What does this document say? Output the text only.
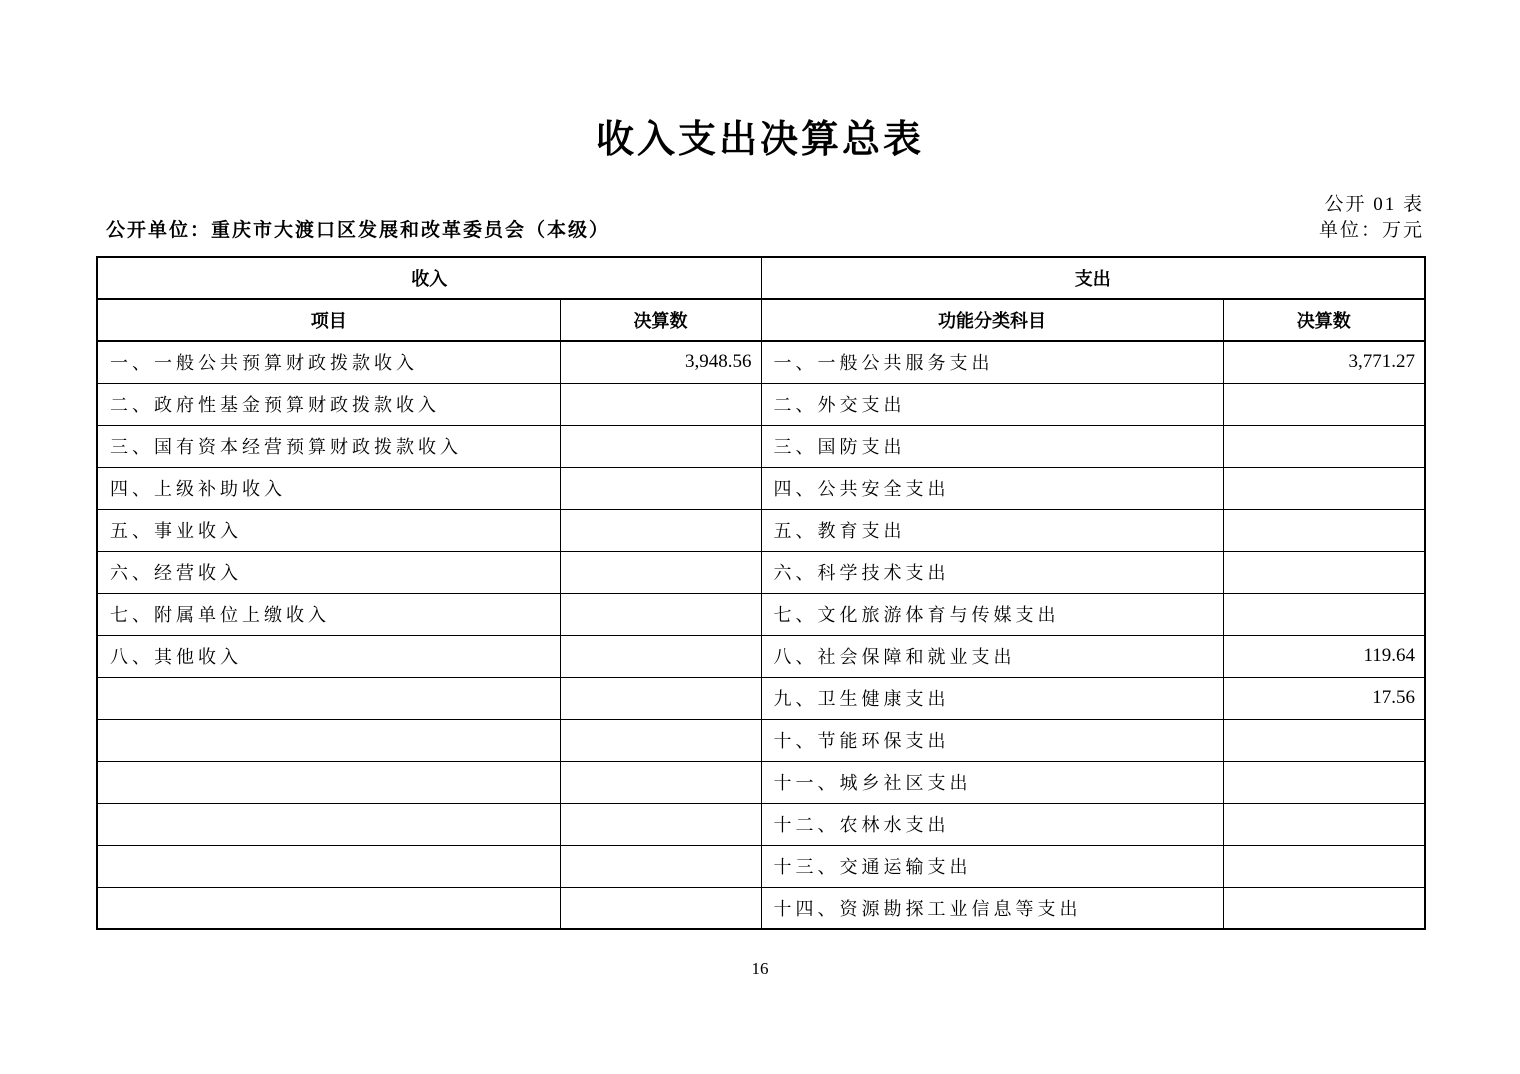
收入支出决算总表
公开 01 表
公开单位：重庆市大渡口区发展和改革委员会（本级）	单位：万元
收入		支出	
项目	决算数	功能分类科目	决算数
一、一般公共预算财政拨款收入	3,948.56	一、一般公共服务支出	3,771.27
二、政府性基金预算财政拨款收入		二、外交支出	
三、国有资本经营预算财政拨款收入		三、国防支出	
四、上级补助收入		四、公共安全支出	
五、事业收入		五、教育支出	
六、经营收入		六、科学技术支出	
七、附属单位上缴收入		七、文化旅游体育与传媒支出	
八、其他收入		八、社会保障和就业支出	119.64
		九、卫生健康支出	17.56
		十、节能环保支出	
		十一、城乡社区支出	
		十二、农林水支出	
		十三、交通运输支出	
		十四、资源勘探工业信息等支出	
16
